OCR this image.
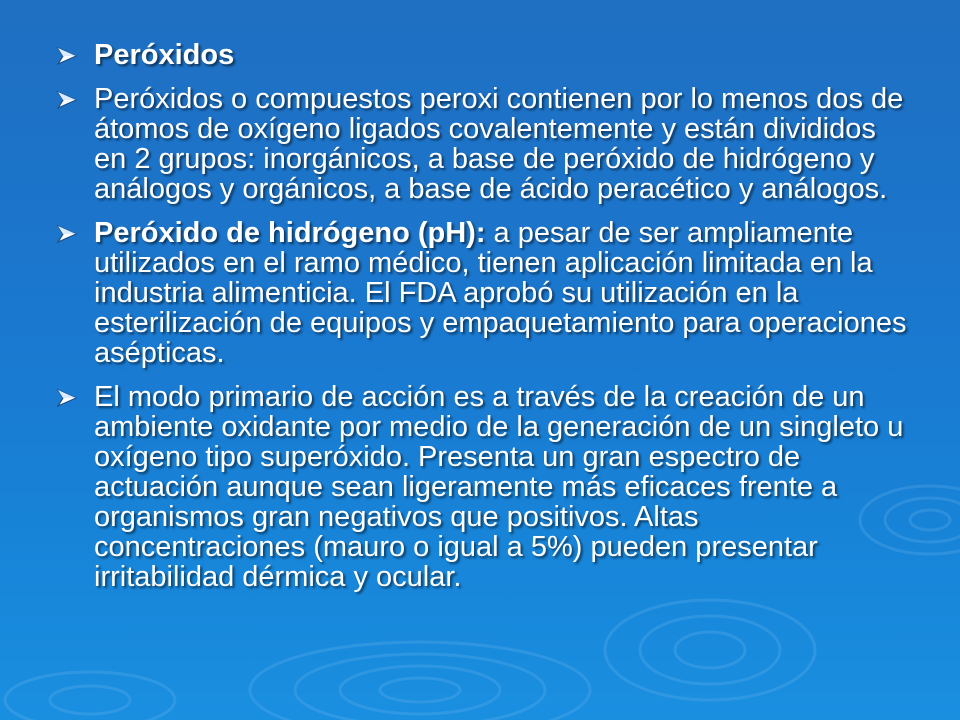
Peróxidos
Peróxidos o compuestos peroxi contienen por lo menos dos de átomos de oxígeno ligados covalentemente y están divididos en 2 grupos: inorgánicos, a base de peróxido de hidrógeno y análogos y orgánicos, a base de ácido peracético y análogos.
Peróxido de hidrógeno (pH): a pesar de ser ampliamente utilizados en el ramo médico, tienen aplicación limitada en la industria alimenticia. El FDA aprobó su utilización en la esterilización de equipos y empaquetamiento para operaciones asépticas.
El modo primario de acción es a través de la creación de un ambiente oxidante por medio de la generación de un singleto u oxígeno tipo superóxido. Presenta un gran espectro de actuación aunque sean ligeramente más eficaces frente a organismos gran negativos que positivos. Altas concentraciones (mauro o igual a 5%) pueden presentar irritabilidad dérmica y ocular.
